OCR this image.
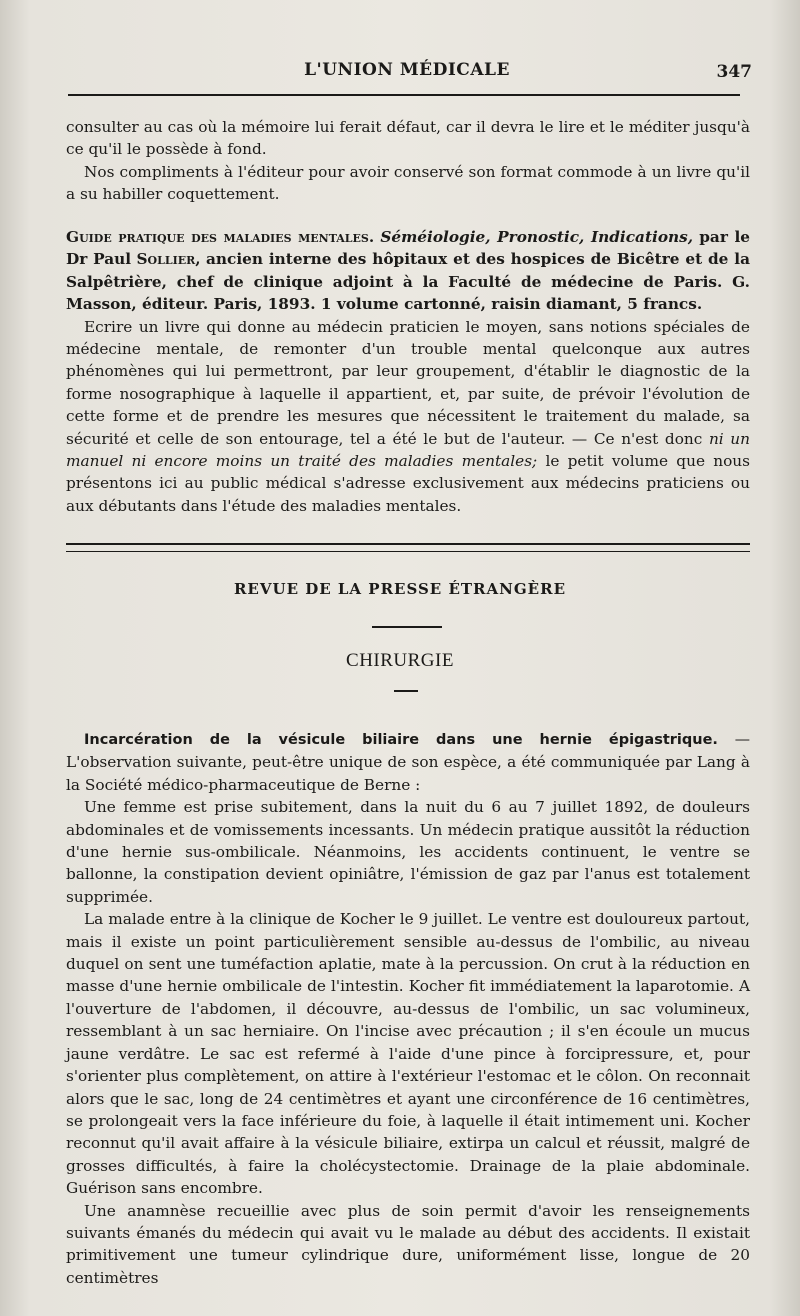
L'UNION MÉDICALE	347

consulter au cas où la mémoire lui ferait défaut, car il devra le lire et le méditer jusqu'à ce qu'il le possède à fond.

Nos compliments à l'éditeur pour avoir conservé son format commode à un livre qu'il a su habiller coquettement.

Guide pratique des maladies mentales. Séméiologie, Pronostic, Indications, par le Dr Paul Sollier, ancien interne des hôpitaux et des hospices de Bicêtre et de la Salpêtrière, chef de clinique adjoint à la Faculté de médecine de Paris. G. Masson, éditeur. Paris, 1893. 1 volume cartonné, raisin diamant, 5 francs.

Ecrire un livre qui donne au médecin praticien le moyen, sans notions spéciales de médecine mentale, de remonter d'un trouble mental quelconque aux autres phénomènes qui lui permettront, par leur groupement, d'établir le diagnostic de la forme nosographique à laquelle il appartient, et, par suite, de prévoir l'évolution de cette forme et de prendre les mesures que nécessitent le traitement du malade, sa sécurité et celle de son entourage, tel a été le but de l'auteur. — Ce n'est donc ni un manuel ni encore moins un traité des maladies mentales; le petit volume que nous présentons ici au public médical s'adresse exclusivement aux médecins praticiens ou aux débutants dans l'étude des maladies mentales.

REVUE DE LA PRESSE ÉTRANGÈRE
CHIRURGIE

Incarcération de la vésicule biliaire dans une hernie épigastrique. — L'observation suivante, peut-être unique de son espèce, a été communiquée par Lang à la Société médico-pharmaceutique de Berne :

Une femme est prise subitement, dans la nuit du 6 au 7 juillet 1892, de douleurs abdominales et de vomissements incessants. Un médecin pratique aussitôt la réduction d'une hernie sus-ombilicale. Néanmoins, les accidents continuent, le ventre se ballonne, la constipation devient opiniâtre, l'émission de gaz par l'anus est totalement supprimée.

La malade entre à la clinique de Kocher le 9 juillet. Le ventre est douloureux partout, mais il existe un point particulièrement sensible au-dessus de l'ombilic, au niveau duquel on sent une tuméfaction aplatie, mate à la percussion. On crut à la réduction en masse d'une hernie ombilicale de l'intestin. Kocher fit immédiatement la laparotomie. A l'ouverture de l'abdomen, il découvre, au-dessus de l'ombilic, un sac volumineux, ressemblant à un sac herniaire. On l'incise avec précaution ; il s'en écoule un mucus jaune verdâtre. Le sac est refermé à l'aide d'une pince à forcipressure, et, pour s'orienter plus complètement, on attire à l'extérieur l'estomac et le côlon. On reconnait alors que le sac, long de 24 centimètres et ayant une circonférence de 16 centimètres, se prolongeait vers la face inférieure du foie, à laquelle il était intimement uni. Kocher reconnut qu'il avait affaire à la vésicule biliaire, extirpa un calcul et réussit, malgré de grosses difficultés, à faire la cholécystectomie. Drainage de la plaie abdominale. Guérison sans encombre.

Une anamnèse recueillie avec plus de soin permit d'avoir les renseignements suivants émanés du médecin qui avait vu le malade au début des accidents. Il existait primitivement une tumeur cylindrique dure, uniformément lisse, longue de 20 centimètres
